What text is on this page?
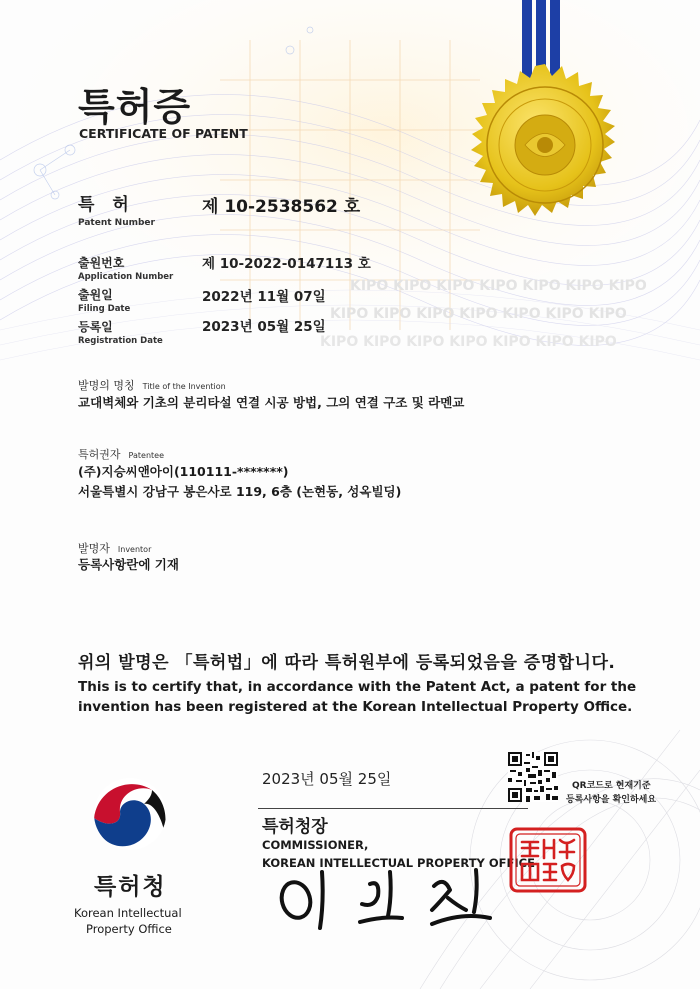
KIPO KIPO KIPO KIPO KIPO KIPO KIPO
KIPO KIPO KIPO KIPO KIPO KIPO KIPO
KIPO KIPO KIPO KIPO KIPO KIPO KIPO
특허증
CERTIFICATE OF PATENT
특 허
Patent Number
제 10-2538562 호
출원번호
Application Number
제 10-2022-0147113 호
출원일
Filing Date
2022년 11월 07일
등록일
Registration Date
2023년 05월 25일
발명의 명칭 Title of the Invention
교대벽체와 기초의 분리타설 연결 시공 방법, 그의 연결 구조 및 라멘교
특허권자 Patentee
(주)지승씨앤아이(110111-*******)
서울특별시 강남구 봉은사로 119, 6층 (논현동, 성옥빌딩)
발명자 Inventor
등록사항란에 기재
위의 발명은 「특허법」에 따라 특허원부에 등록되었음을 증명합니다.
This is to certify that, in accordance with the Patent Act, a patent for the
invention has been registered at the Korean Intellectual Property Office.
2023년 05월 25일	QR코드로 현재기준
등록사항을 확인하세요
특허청장
COMMISSIONER,
KOREAN INTELLECTUAL PROPERTY OFFICE
특허청
Korean Intellectual
Property Office
